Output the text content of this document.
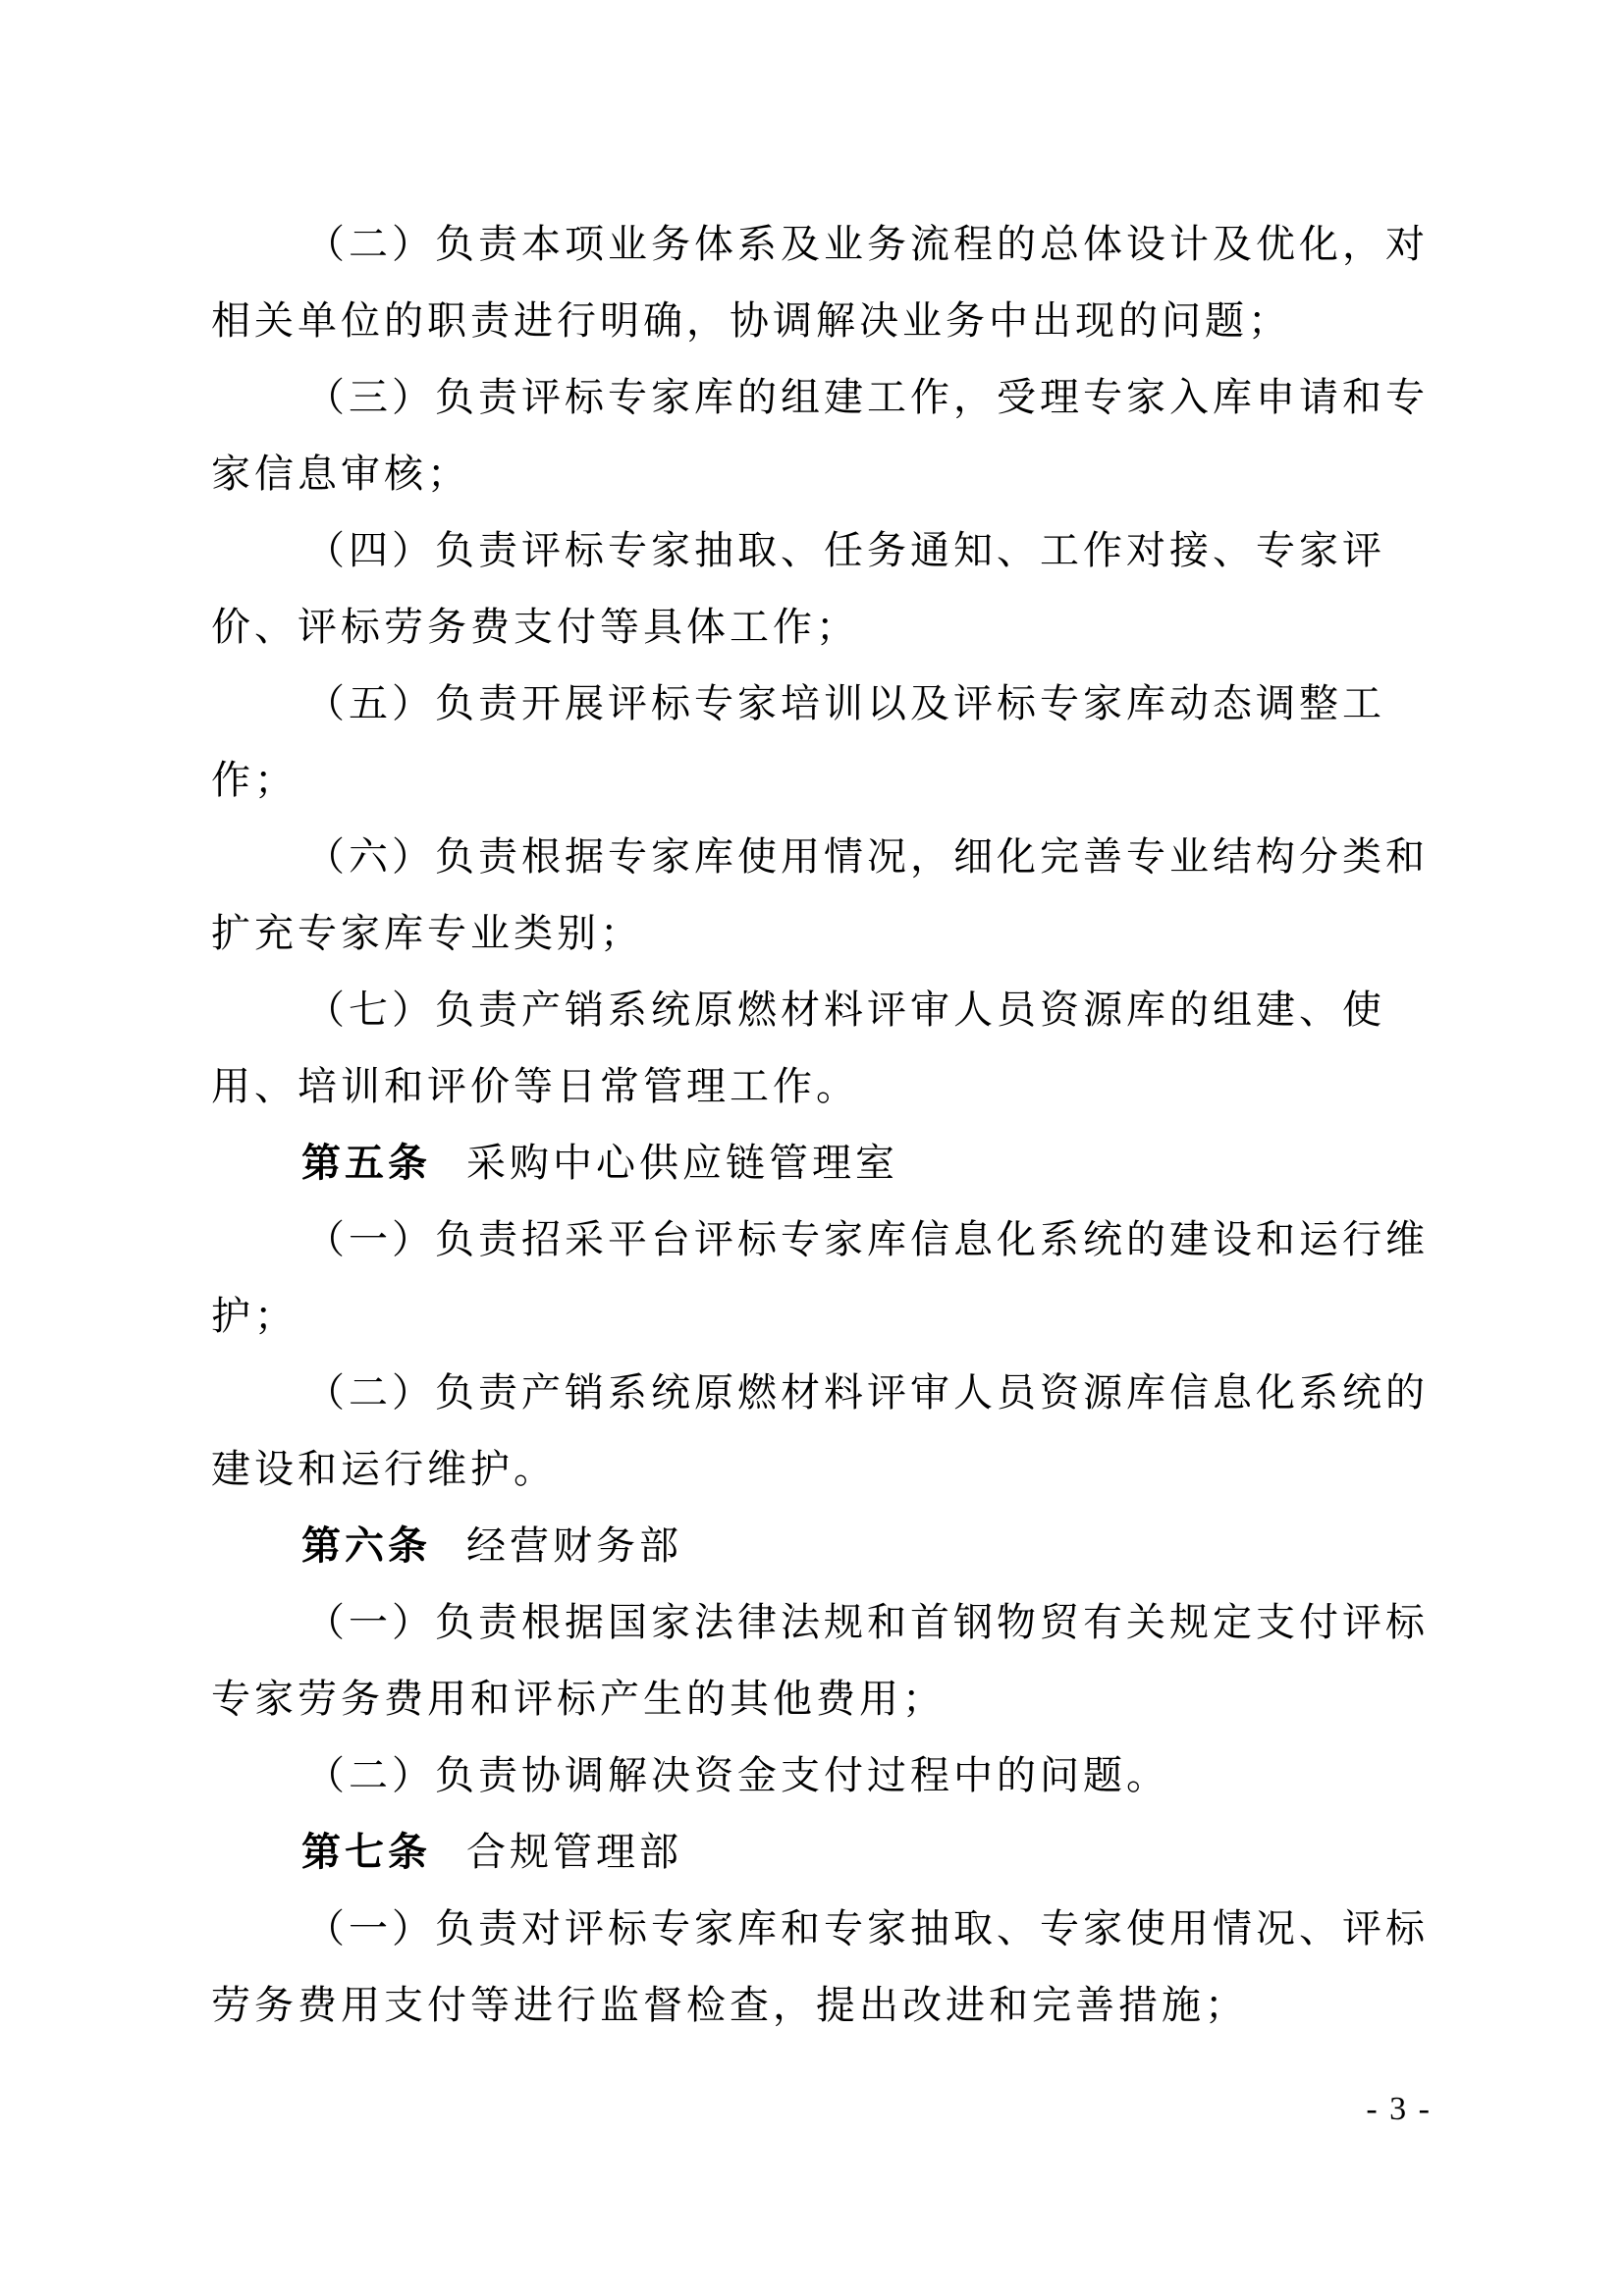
（二）负责本项业务体系及业务流程的总体设计及优化，对相关单位的职责进行明确，协调解决业务中出现的问题；

（三）负责评标专家库的组建工作，受理专家入库申请和专家信息审核；

（四）负责评标专家抽取、任务通知、工作对接、专家评价、评标劳务费支付等具体工作；

（五）负责开展评标专家培训以及评标专家库动态调整工作；

（六）负责根据专家库使用情况，细化完善专业结构分类和扩充专家库专业类别；

（七）负责产销系统原燃材料评审人员资源库的组建、使用、培训和评价等日常管理工作。

第五条 采购中心供应链管理室

（一）负责招采平台评标专家库信息化系统的建设和运行维护；

（二）负责产销系统原燃材料评审人员资源库信息化系统的建设和运行维护。

第六条 经营财务部

（一）负责根据国家法律法规和首钢物贸有关规定支付评标专家劳务费用和评标产生的其他费用；

（二）负责协调解决资金支付过程中的问题。

第七条 合规管理部

（一）负责对评标专家库和专家抽取、专家使用情况、评标劳务费用支付等进行监督检查，提出改进和完善措施；

- 3 -
